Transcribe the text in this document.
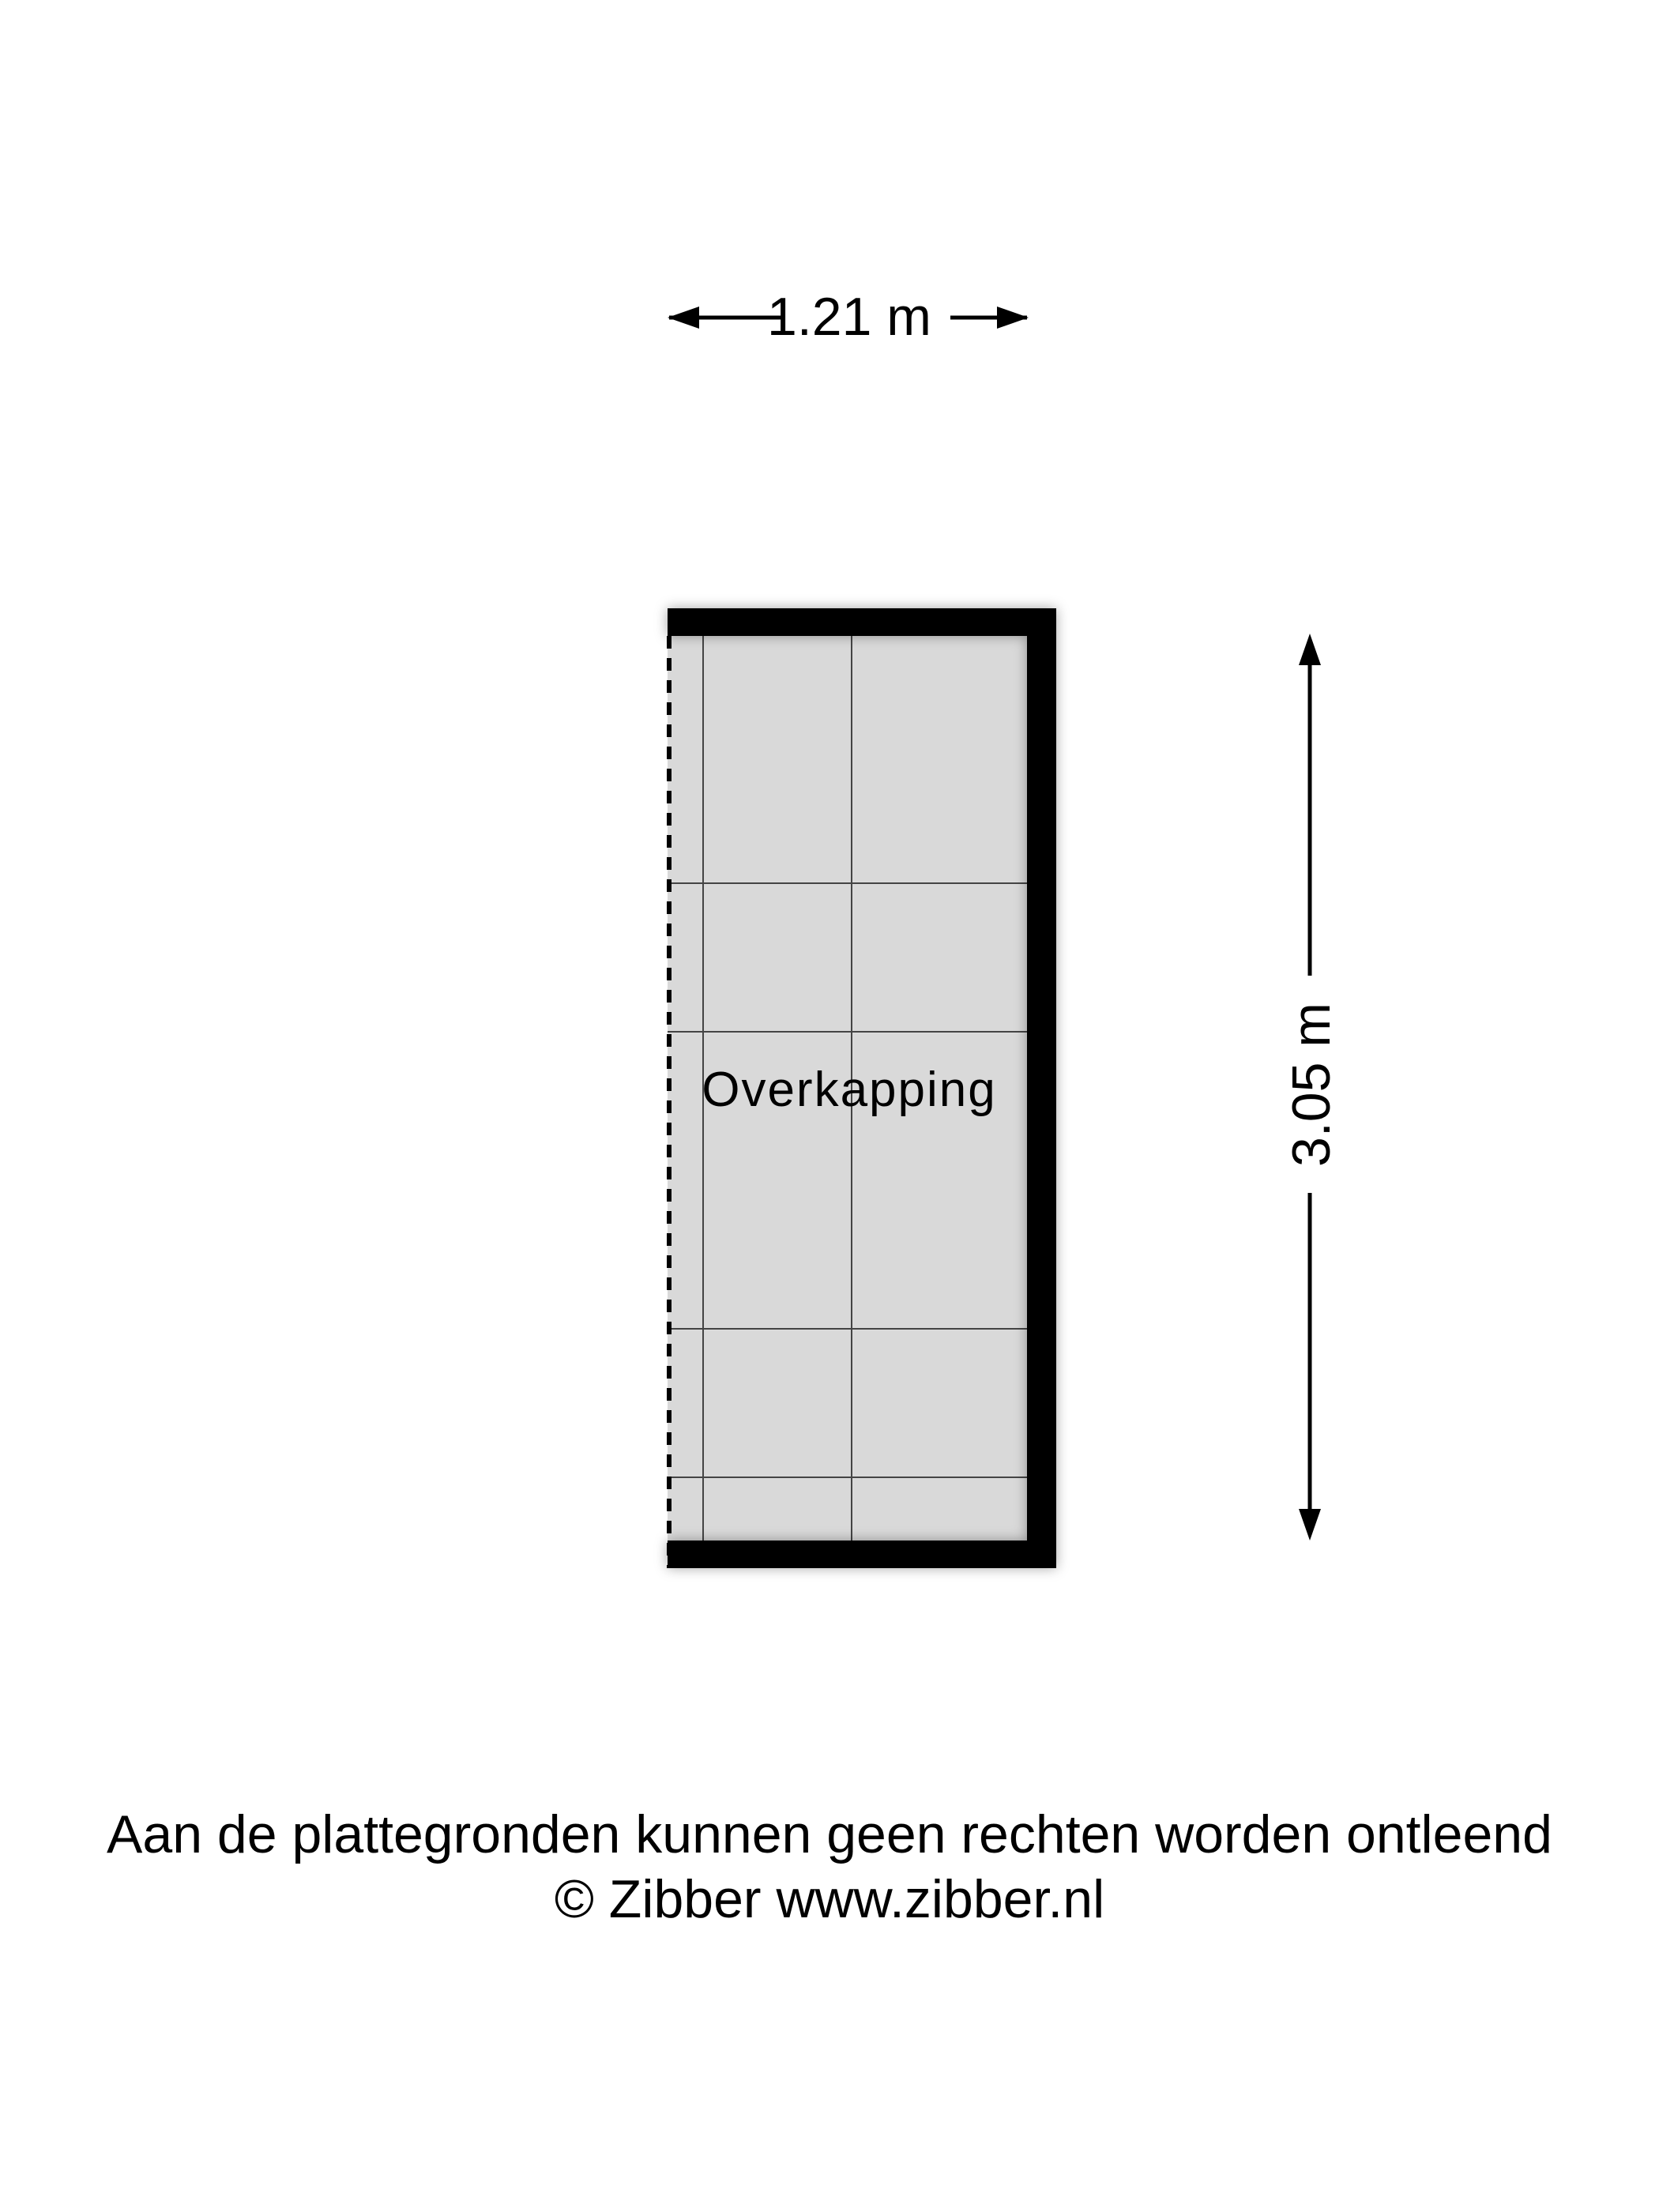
1.21 m
Overkapping	3.05 m
Aan de plattegronden kunnen geen rechten worden ontleend
© Zibber www.zibber.nl
